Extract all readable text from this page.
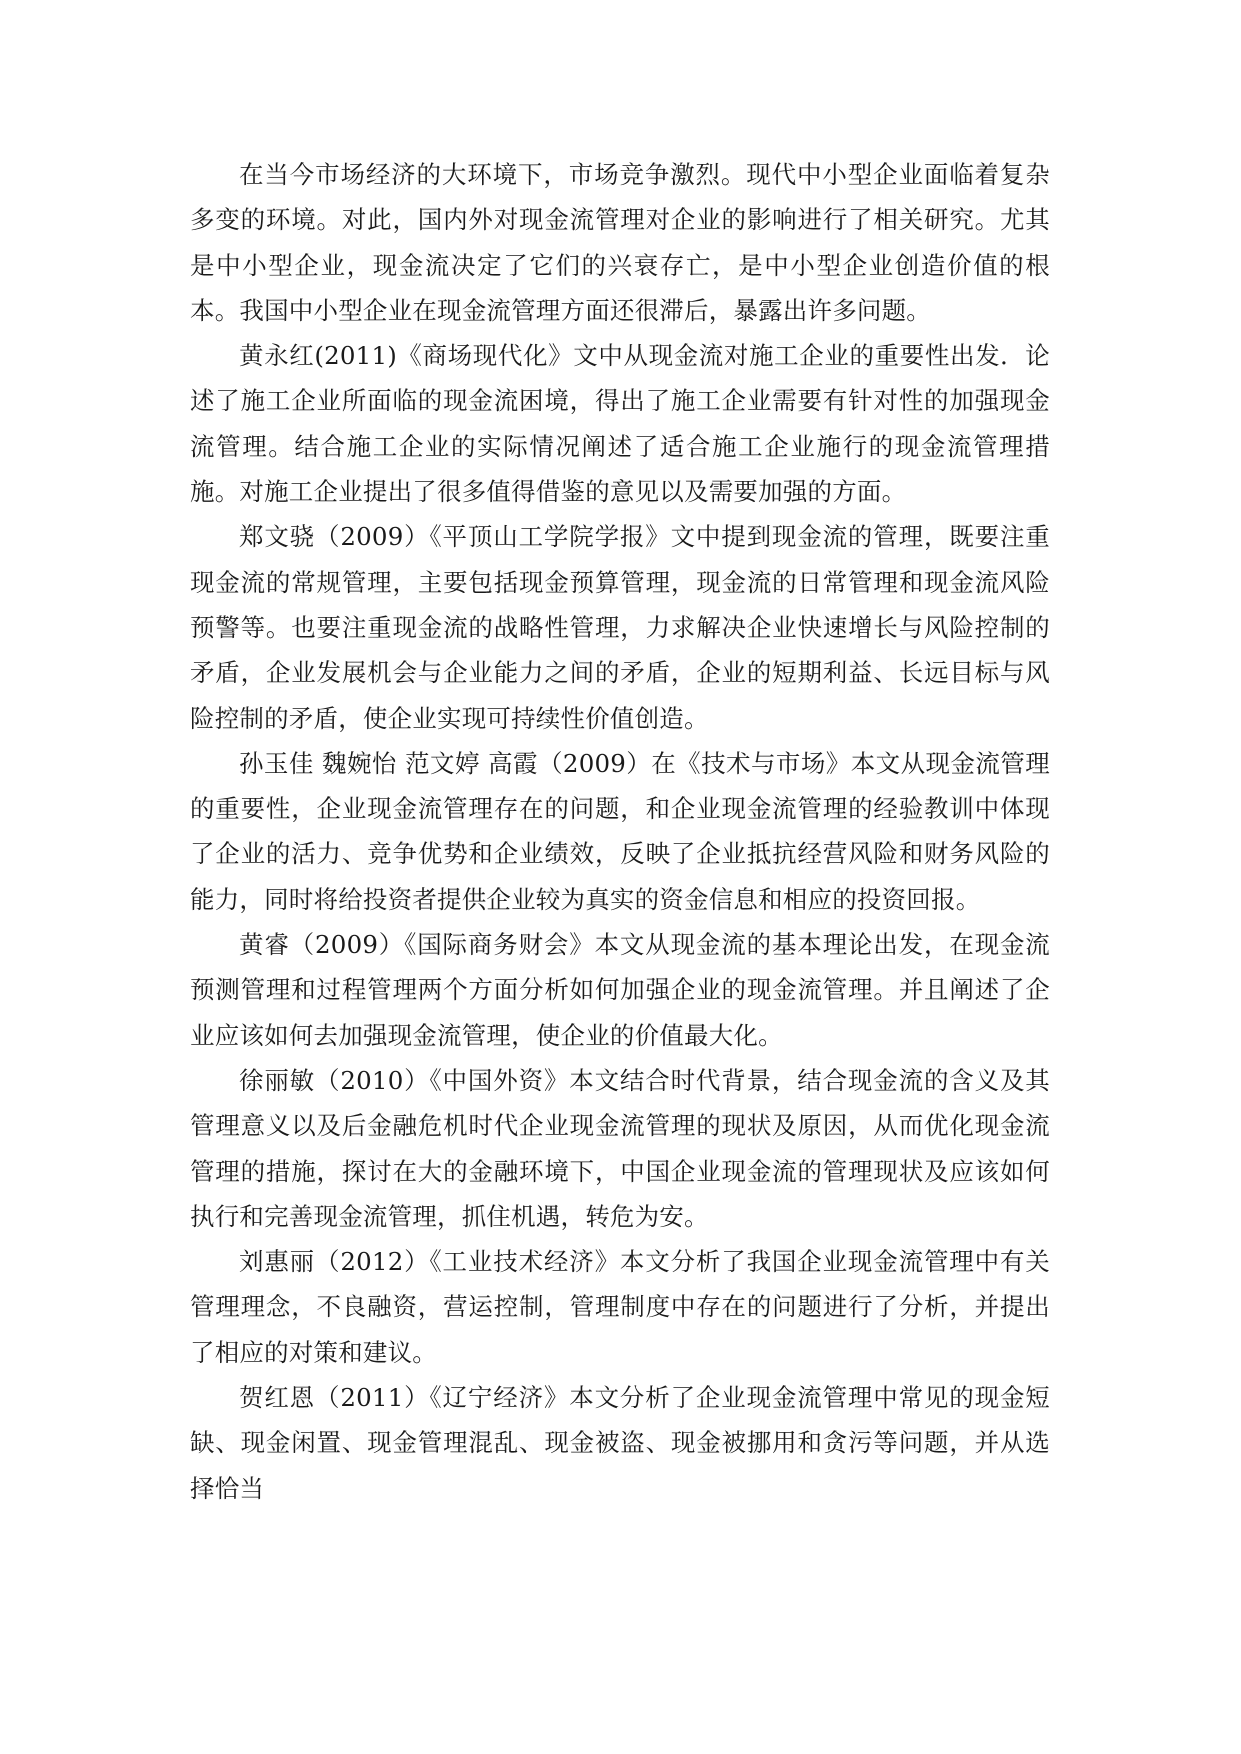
在当今市场经济的大环境下，市场竞争激烈。现代中小型企业面临着复杂多变的环境。对此，国内外对现金流管理对企业的影响进行了相关研究。尤其是中小型企业，现金流决定了它们的兴衰存亡，是中小型企业创造价值的根本。我国中小型企业在现金流管理方面还很滞后，暴露出许多问题。

黄永红(2011)《商场现代化》文中从现金流对施工企业的重要性出发．论述了施工企业所面临的现金流困境，得出了施工企业需要有针对性的加强现金流管理。结合施工企业的实际情况阐述了适合施工企业施行的现金流管理措施。对施工企业提出了很多值得借鉴的意见以及需要加强的方面。

郑文骁（2009）《平顶山工学院学报》文中提到现金流的管理，既要注重现金流的常规管理，主要包括现金预算管理，现金流的日常管理和现金流风险预警等。也要注重现金流的战略性管理，力求解决企业快速增长与风险控制的矛盾，企业发展机会与企业能力之间的矛盾，企业的短期利益、长远目标与风险控制的矛盾，使企业实现可持续性价值创造。

孙玉佳 魏婉怡 范文婷 高霞（2009）在《技术与市场》本文从现金流管理的重要性，企业现金流管理存在的问题，和企业现金流管理的经验教训中体现了企业的活力、竞争优势和企业绩效，反映了企业抵抗经营风险和财务风险的能力，同时将给投资者提供企业较为真实的资金信息和相应的投资回报。

黄睿（2009）《国际商务财会》本文从现金流的基本理论出发，在现金流预测管理和过程管理两个方面分析如何加强企业的现金流管理。并且阐述了企业应该如何去加强现金流管理，使企业的价值最大化。

徐丽敏（2010）《中国外资》本文结合时代背景，结合现金流的含义及其管理意义以及后金融危机时代企业现金流管理的现状及原因，从而优化现金流管理的措施，探讨在大的金融环境下，中国企业现金流的管理现状及应该如何执行和完善现金流管理，抓住机遇，转危为安。

刘惠丽（2012）《工业技术经济》本文分析了我国企业现金流管理中有关管理理念，不良融资，营运控制，管理制度中存在的问题进行了分析，并提出了相应的对策和建议。

贺红恩（2011）《辽宁经济》本文分析了企业现金流管理中常见的现金短缺、现金闲置、现金管理混乱、现金被盗、现金被挪用和贪污等问题，并从选择恰当
